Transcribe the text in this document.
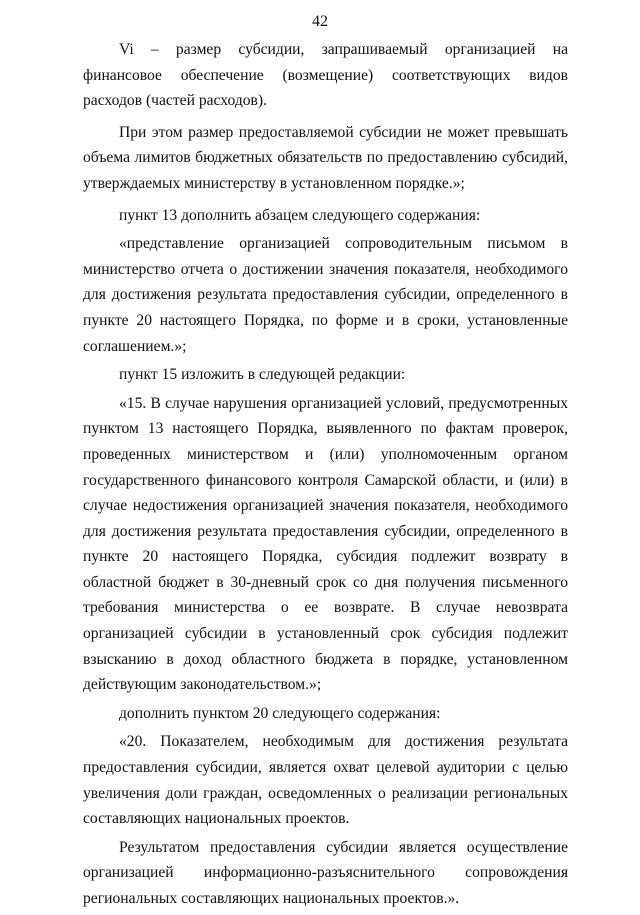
42

Vi – размер субсидии, запрашиваемый организацией на финансовое обеспечение (возмещение) соответствующих видов расходов (частей расходов).

При этом размер предоставляемой субсидии не может превышать объема лимитов бюджетных обязательств по предоставлению субсидий, утверждаемых министерству в установленном порядке.»;

пункт 13 дополнить абзацем следующего содержания:

«представление организацией сопроводительным письмом в министерство отчета о достижении значения показателя, необходимого для достижения результата предоставления субсидии, определенного в пункте 20 настоящего Порядка, по форме и в сроки, установленные соглашением.»;

пункт 15 изложить в следующей редакции:

«15. В случае нарушения организацией условий, предусмотренных пунктом 13 настоящего Порядка, выявленного по фактам проверок, проведенных министерством и (или) уполномоченным органом государственного финансового контроля Самарской области, и (или) в случае недостижения организацией значения показателя, необходимого для достижения результата предоставления субсидии, определенного в пункте 20 настоящего Порядка, субсидия подлежит возврату в областной бюджет в 30-дневный срок со дня получения письменного требования министерства о ее возврате. В случае невозврата организацией субсидии в установленный срок субсидия подлежит взысканию в доход областного бюджета в порядке, установленном действующим законодательством.»;

дополнить пунктом 20 следующего содержания:

«20. Показателем, необходимым для достижения результата предоставления субсидии, является охват целевой аудитории с целью увеличения доли граждан, осведомленных о реализации региональных составляющих национальных проектов.

Результатом предоставления субсидии является осуществление организацией информационно-разъяснительного сопровождения региональных составляющих национальных проектов.».
